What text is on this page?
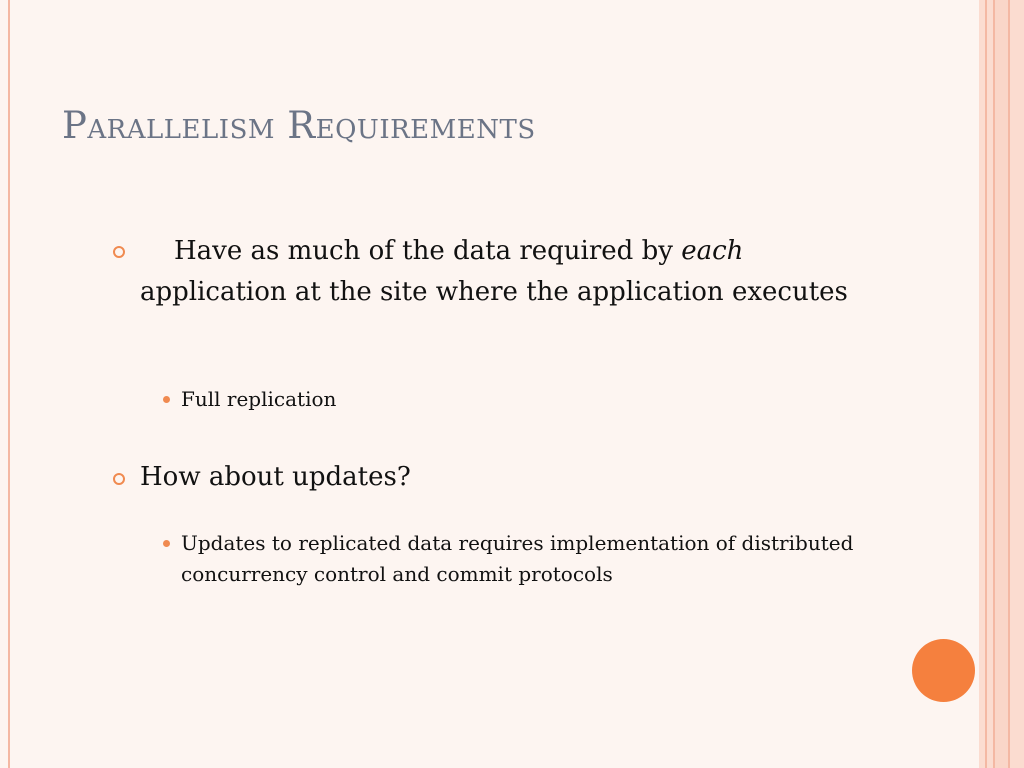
Parallelism Requirements

Have as much of the data required by each application at the site where the application executes

Full replication

How about updates?

Updates to replicated data requires implementation of distributed concurrency control and commit protocols
